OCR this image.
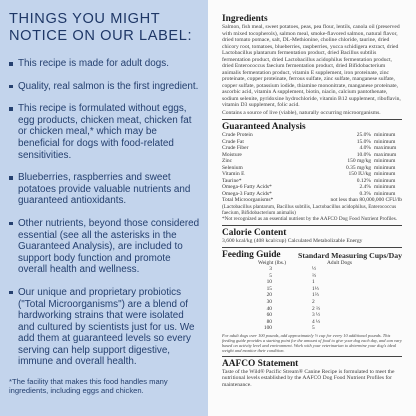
THINGS YOU MIGHT NOTICE ON OUR LABEL:
This recipe is made for adult dogs.
Quality, real salmon is the first ingredient.
This recipe is formulated without eggs, egg products, chicken meat, chicken fat or chicken meal,* which may be beneficial for dogs with food-related sensitivities.
Blueberries, raspberries and sweet potatoes provide valuable nutrients and guaranteed antioxidants.
Other nutrients, beyond those considered essential (see all the asterisks in the Guaranteed Analysis), are included to support body function and promote overall health and wellness.
Our unique and proprietary probiotics ("Total Microorganisms") are a blend of hardworking strains that were isolated and cultured by scientists just for us. We add them at guaranteed levels so every serving can help support digestive, immune and overall health.

*The facility that makes this food handles many ingredients, including eggs and chicken.

Ingredients

Salmon, fish meal, sweet potatoes, peas, pea flour, lentils, canola oil (preserved with mixed tocopherols), salmon meal, smoke-flavored salmon, natural flavor, dried tomato pomace, salt, DL-Methionine, choline chloride, taurine, dried chicory root, tomatoes, blueberries, raspberries, yucca schidigera extract, dried Lactobacillus plantarum fermentation product, dried Bacillus subtilis fermentation product, dried Lactobacillus acidophilus fermentation product, dried Enterococcus faecium fermentation product, dried Bifidobacterium animalis fermentation product, vitamin E supplement, iron proteinate, zinc proteinate, copper proteinate, ferrous sulfate, zinc sulfate, manganese sulfate, copper sulfate, potassium iodide, thiamine mononitrate, manganese proteinate, ascorbic acid, vitamin A supplement, biotin, niacin, calcium pantothenate, sodium selenite, pyridoxine hydrochloride, vitamin B12 supplement, riboflavin, vitamin D3 supplement, folic acid.

Contains a source of live (viable), naturally occurring microorganisms.

Guaranteed Analysis
Crude Protein	25.0%	minimum
Crude Fat	15.0%	minimum
Crude Fiber	4.0%	maximum
Moisture	10.0%	maximum
Zinc	150 mg/kg	minimum
Selenium	0.35 mg/kg	minimum
Vitamin E	150 IU/kg	minimum
Taurine*	0.12%	minimum
Omega-6 Fatty Acids*	2.4%	minimum
Omega-3 Fatty Acids*	0.3%	minimum
Total Microorganisms*	not less than 80,000,000 CFU/lb	

(Lactobacillus plantarum, Bacillus subtilis, Lactobacillus acidophilus, Enterococcus faecium, Bifidobacterium animalis)

*Not recognized as an essential nutrient by the AAFCO Dog Food Nutrient Profiles.

Calorie Content

3,600 kcal/kg (408 kcal/cup) Calculated Metabolizable Energy

Feeding Guide Standard Measuring Cups/Day
Weight (lbs.)	Adult Dogs
3	½
5	⅔
10	1
15	1⅓
20	1⅔
30	2
40	2 ⅔
60	3 ½
80	4 ⅓
100	5

For adult dogs over 100 pounds, add approximately ½ cup for every 10 additional pounds. This feeding guide provides a starting point for the amount of food to give your dog each day, and can vary based on activity level and environment. Work with your veterinarian to determine your dog's ideal weight and monitor their condition.

AAFCO Statement

Taste of the Wild® Pacific Stream® Canine Recipe is formulated to meet the nutritional levels established by the AAFCO Dog Food Nutrient Profiles for maintenance.
